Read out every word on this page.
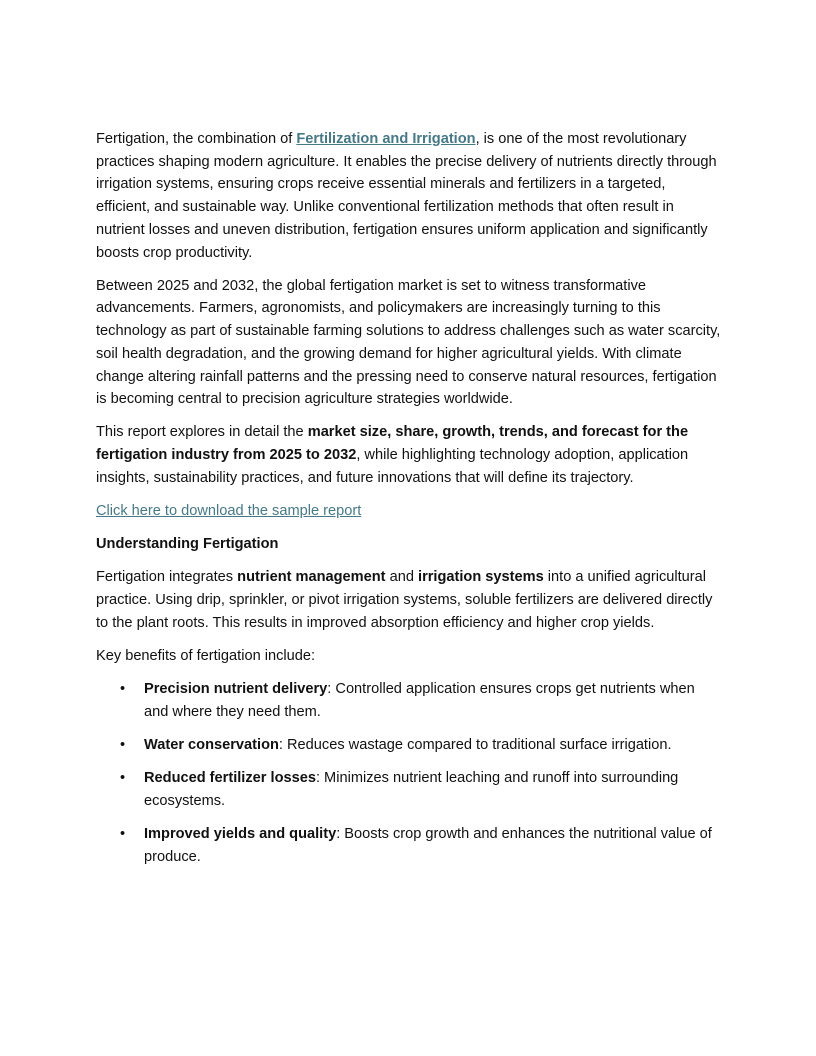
Fertigation, the combination of Fertilization and Irrigation, is one of the most revolutionary practices shaping modern agriculture. It enables the precise delivery of nutrients directly through irrigation systems, ensuring crops receive essential minerals and fertilizers in a targeted, efficient, and sustainable way. Unlike conventional fertilization methods that often result in nutrient losses and uneven distribution, fertigation ensures uniform application and significantly boosts crop productivity.

Between 2025 and 2032, the global fertigation market is set to witness transformative advancements. Farmers, agronomists, and policymakers are increasingly turning to this technology as part of sustainable farming solutions to address challenges such as water scarcity, soil health degradation, and the growing demand for higher agricultural yields. With climate change altering rainfall patterns and the pressing need to conserve natural resources, fertigation is becoming central to precision agriculture strategies worldwide.

This report explores in detail the market size, share, growth, trends, and forecast for the fertigation industry from 2025 to 2032, while highlighting technology adoption, application insights, sustainability practices, and future innovations that will define its trajectory.

Click here to download the sample report

Understanding Fertigation

Fertigation integrates nutrient management and irrigation systems into a unified agricultural practice. Using drip, sprinkler, or pivot irrigation systems, soluble fertilizers are delivered directly to the plant roots. This results in improved absorption efficiency and higher crop yields.

Key benefits of fertigation include:

• Precision nutrient delivery: Controlled application ensures crops get nutrients when and where they need them.
• Water conservation: Reduces wastage compared to traditional surface irrigation.
• Reduced fertilizer losses: Minimizes nutrient leaching and runoff into surrounding ecosystems.
• Improved yields and quality: Boosts crop growth and enhances the nutritional value of produce.
